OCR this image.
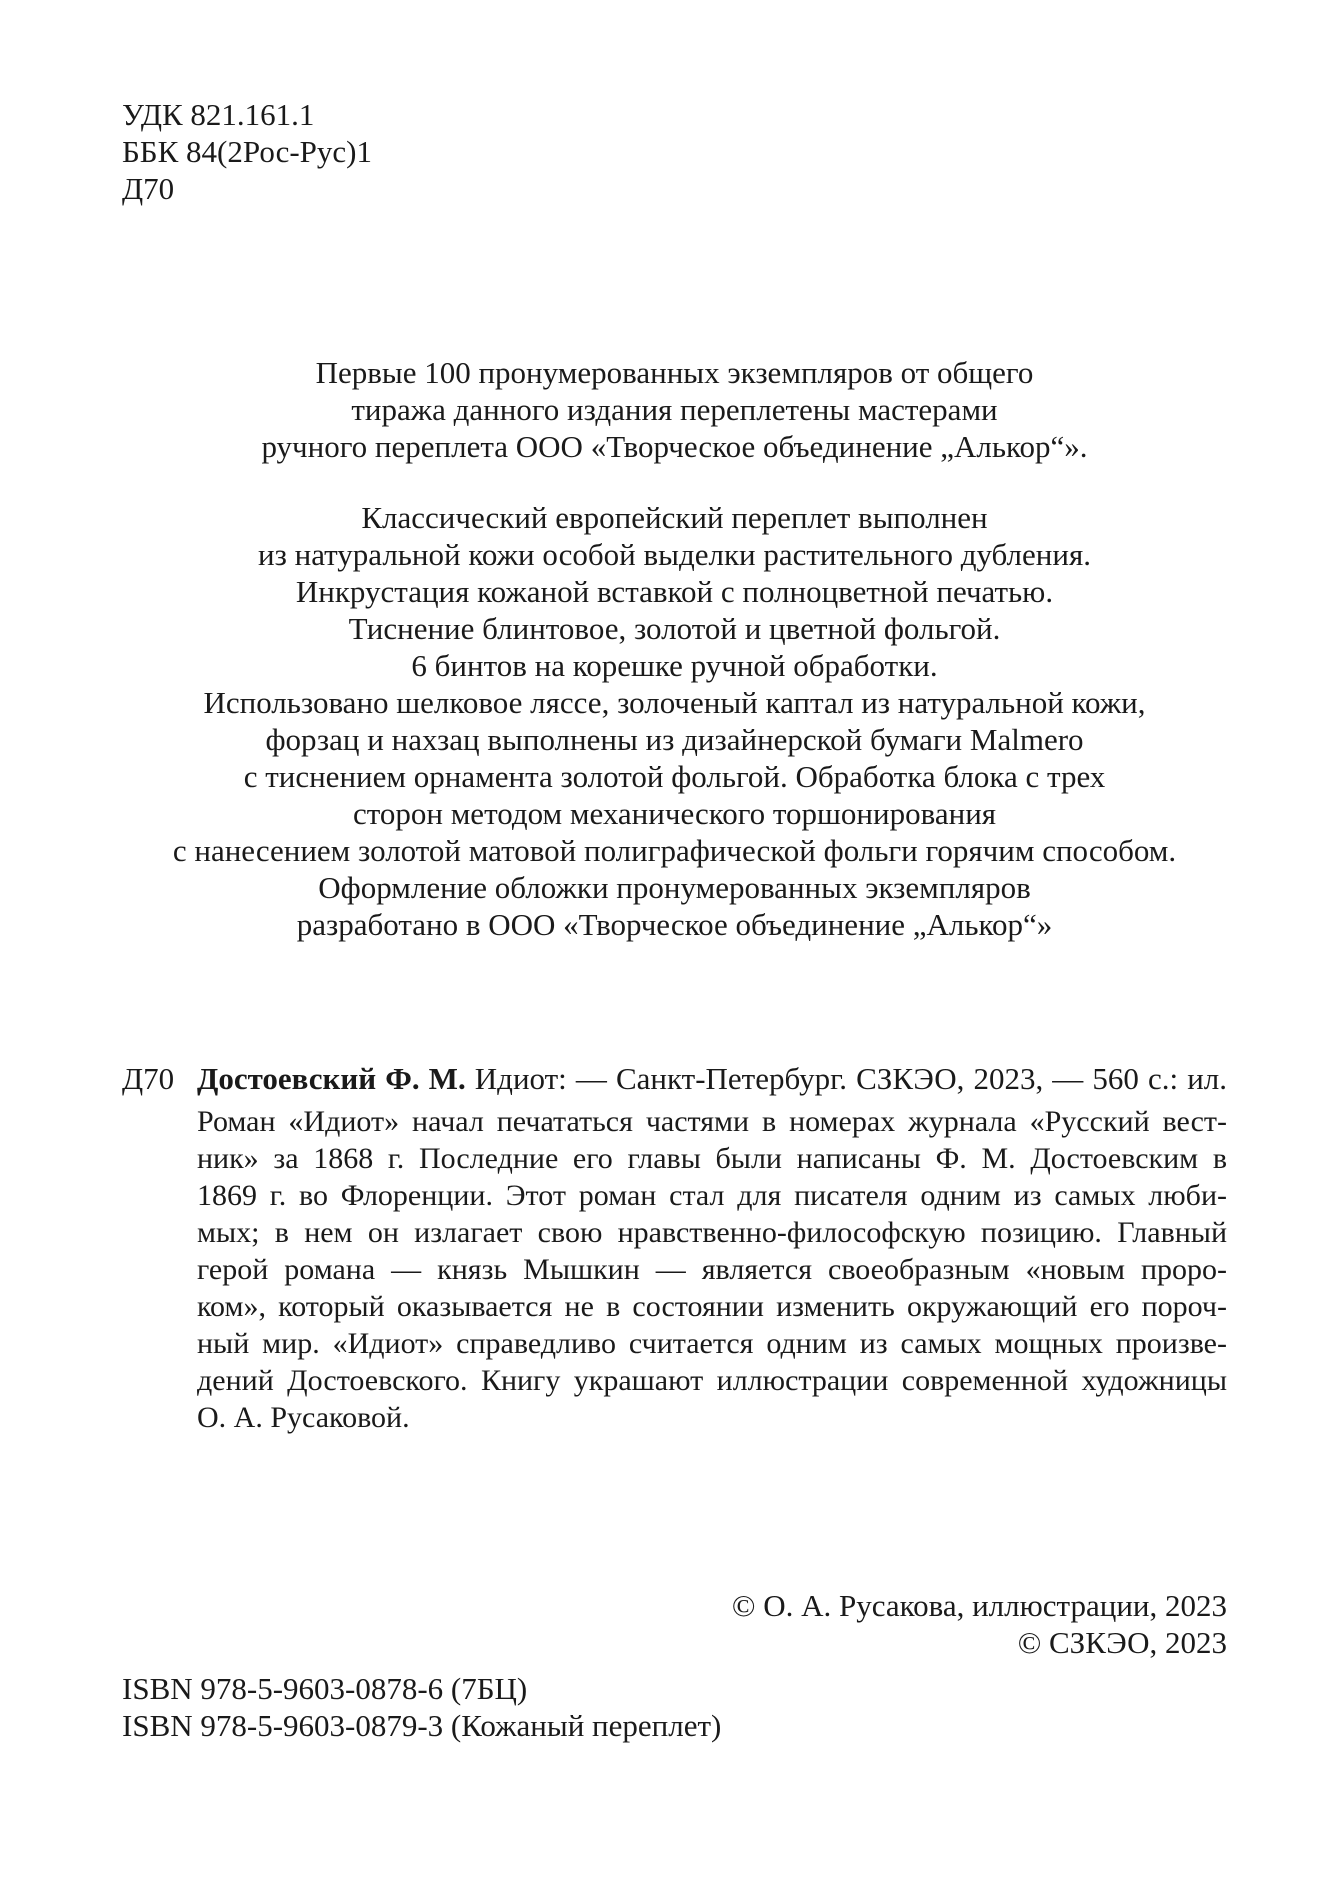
УДК 821.161.1
ББК 84(2Рос-Рус)1
Д70
Первые 100 пронумерованных экземпляров от общего
тиража данного издания переплетены мастерами
ручного переплета ООО «Творческое объединение „Алькор“».
Классический европейский переплет выполнен
из натуральной кожи особой выделки растительного дубления.
Инкрустация кожаной вставкой с полноцветной печатью.
Тиснение блинтовое, золотой и цветной фольгой.
6 бинтов на корешке ручной обработки.
Использовано шелковое ляссе, золоченый каптал из натуральной кожи,
форзац и нахзац выполнены из дизайнерской бумаги Malmero
с тиснением орнамента золотой фольгой. Обработка блока с трех
сторон методом механического торшонирования
с нанесением золотой матовой полиграфической фольги горячим способом.
Оформление обложки пронумерованных экземпляров
разработано в ООО «Творческое объединение „Алькор“»
Д70 Достоевский Ф. М. Идиот: — Санкт-Петербург. СЗКЭО, 2023, — 560 с.: ил.
Роман «Идиот» начал печататься частями в номерах журнала «Русский вест-
ник» за 1868 г. Последние его главы были написаны Ф. М. Достоевским в
1869 г. во Флоренции. Этот роман стал для писателя одним из самых люби-
мых; в нем он излагает свою нравственно-философскую позицию. Главный
герой романа — князь Мышкин — является своеобразным «новым проро-
ком», который оказывается не в состоянии изменить окружающий его пороч-
ный мир. «Идиот» справедливо считается одним из самых мощных произве-
дений Достоевского. Книгу украшают иллюстрации современной художницы
О. А. Русаковой.
© О. А. Русакова, иллюстрации, 2023
© СЗКЭО, 2023
ISBN 978-5-9603-0878-6 (7БЦ)
ISBN 978-5-9603-0879-3 (Кожаный переплет)
